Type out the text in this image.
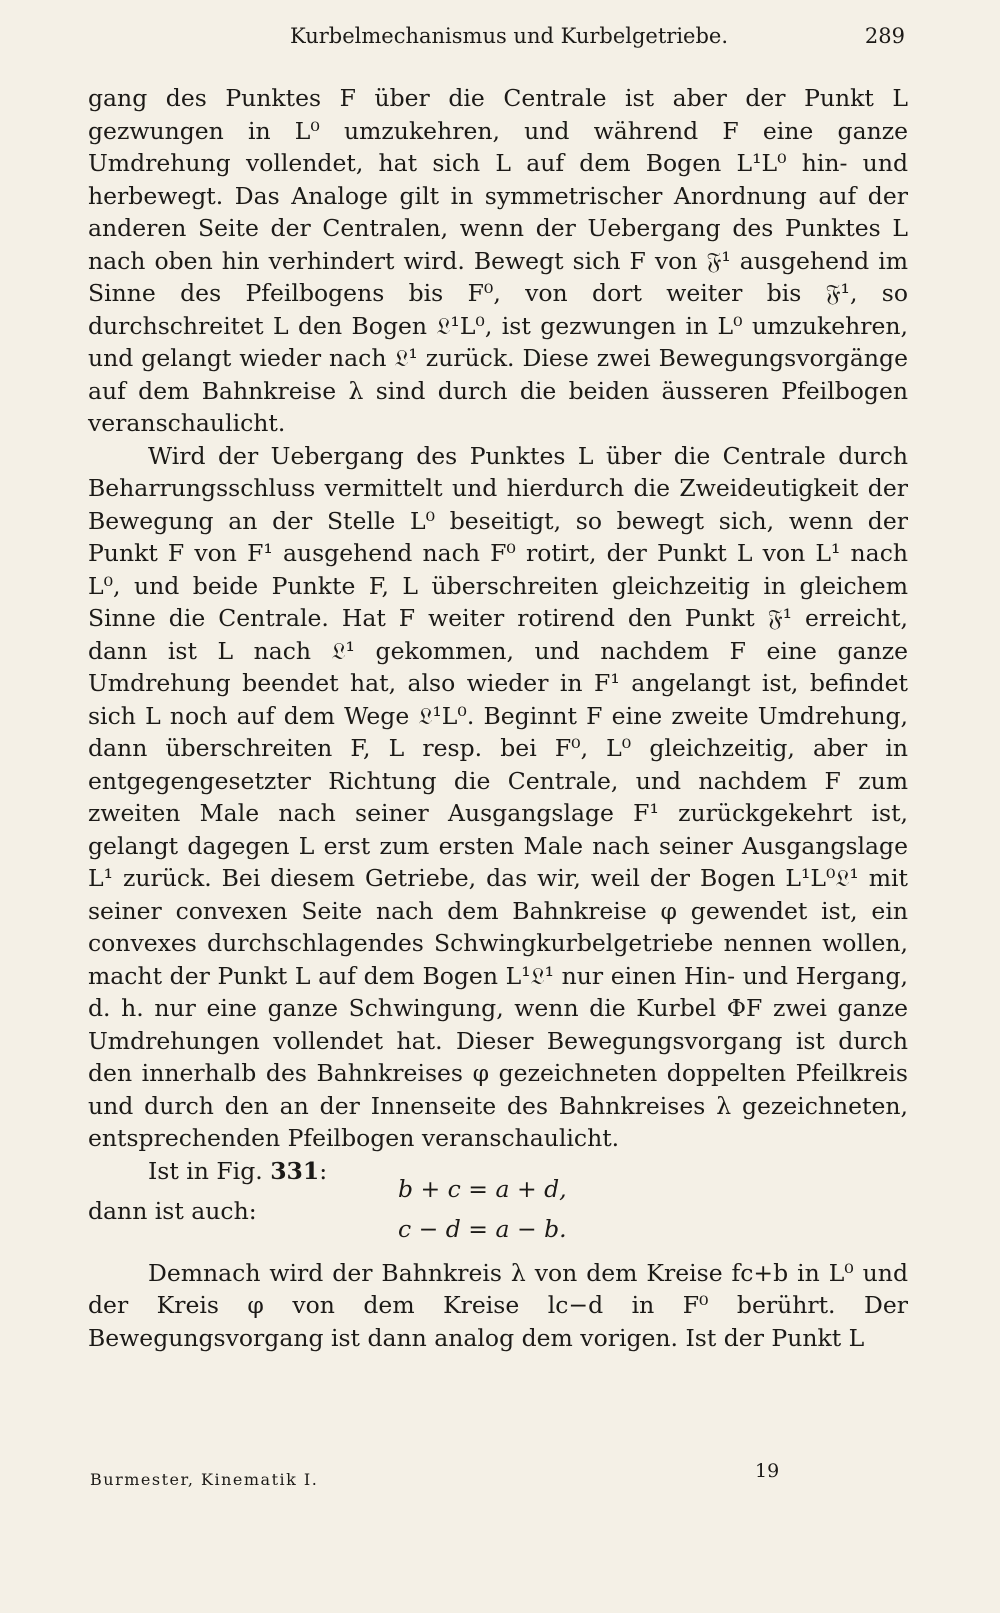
Kurbelmechanismus und Kurbelgetriebe.	289

gang des Punktes F über die Centrale ist aber der Punkt L gezwungen in L⁰ umzukehren, und während F eine ganze Umdrehung vollendet, hat sich L auf dem Bogen L¹L⁰ hin- und herbewegt. Das Analoge gilt in symmetrischer Anordnung auf der anderen Seite der Centralen, wenn der Uebergang des Punktes L nach oben hin verhindert wird. Bewegt sich F von 𝔉¹ ausgehend im Sinne des Pfeilbogens bis F⁰, von dort weiter bis 𝔉¹, so durchschreitet L den Bogen 𝔏¹L⁰, ist gezwungen in L⁰ umzukehren, und gelangt wieder nach 𝔏¹ zurück. Diese zwei Bewegungsvorgänge auf dem Bahnkreise λ sind durch die beiden äusseren Pfeilbogen veranschaulicht.

Wird der Uebergang des Punktes L über die Centrale durch Beharrungsschluss vermittelt und hierdurch die Zweideutigkeit der Bewegung an der Stelle L⁰ beseitigt, so bewegt sich, wenn der Punkt F von F¹ ausgehend nach F⁰ rotirt, der Punkt L von L¹ nach L⁰, und beide Punkte F, L überschreiten gleichzeitig in gleichem Sinne die Centrale. Hat F weiter rotirend den Punkt 𝔉¹ erreicht, dann ist L nach 𝔏¹ gekommen, und nachdem F eine ganze Umdrehung beendet hat, also wieder in F¹ angelangt ist, befindet sich L noch auf dem Wege 𝔏¹L⁰. Beginnt F eine zweite Umdrehung, dann überschreiten F, L resp. bei F⁰, L⁰ gleichzeitig, aber in entgegengesetzter Richtung die Centrale, und nachdem F zum zweiten Male nach seiner Ausgangslage F¹ zurückgekehrt ist, gelangt dagegen L erst zum ersten Male nach seiner Ausgangslage L¹ zurück. Bei diesem Getriebe, das wir, weil der Bogen L¹L⁰𝔏¹ mit seiner convexen Seite nach dem Bahnkreise φ gewendet ist, ein convexes durchschlagendes Schwingkurbelgetriebe nennen wollen, macht der Punkt L auf dem Bogen L¹𝔏¹ nur einen Hin- und Hergang, d. h. nur eine ganze Schwingung, wenn die Kurbel ΦF zwei ganze Umdrehungen vollendet hat. Dieser Bewegungsvorgang ist durch den innerhalb des Bahnkreises φ gezeichneten doppelten Pfeilkreis und durch den an der Innenseite des Bahnkreises λ gezeichneten, entsprechenden Pfeilbogen veranschaulicht.

Ist in Fig. 331:
b + c = a + d,
dann ist auch:
c − d = a − b.

Demnach wird der Bahnkreis λ von dem Kreise fc+b in L⁰ und der Kreis φ von dem Kreise lc−d in F⁰ berührt. Der Bewegungsvorgang ist dann analog dem vorigen. Ist der Punkt L

Burmester, Kinematik I.	19
